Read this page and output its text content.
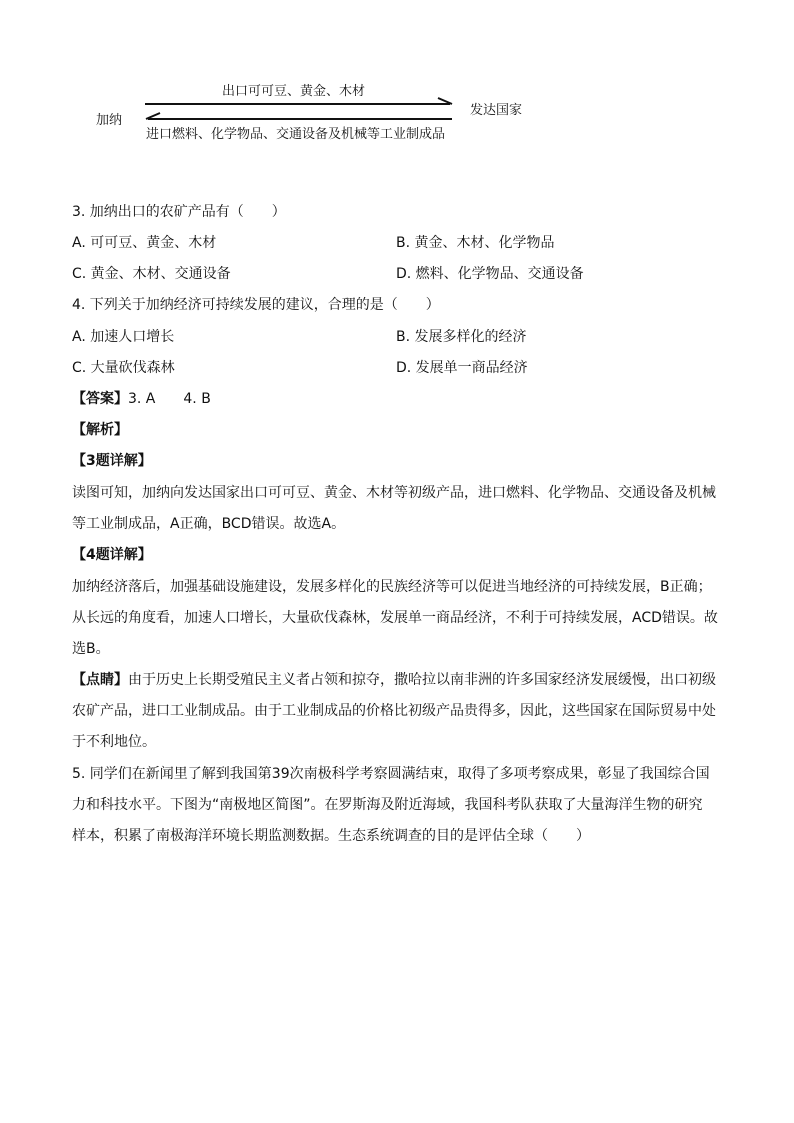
加纳
发达国家
出口可可豆、黄金、木材
进口燃料、化学物品、交通设备及机械等工业制成品
3. 加纳出口的农矿产品有（　　）
A. 可可豆、黄金、木材	B. 黄金、木材、化学物品
C. 黄金、木材、交通设备	D. 燃料、化学物品、交通设备
4. 下列关于加纳经济可持续发展的建议，合理的是（　　）
A. 加速人口增长	B. 发展多样化的经济
C. 大量砍伐森林	D. 发展单一商品经济
【答案】3. A　　4. B
【解析】
【3题详解】
读图可知，加纳向发达国家出口可可豆、黄金、木材等初级产品，进口燃料、化学物品、交通设备及机械
等工业制成品，A正确，BCD错误。故选A。
【4题详解】
加纳经济落后，加强基础设施建设，发展多样化的民族经济等可以促进当地经济的可持续发展，B正确；
从长远的角度看，加速人口增长，大量砍伐森林，发展单一商品经济，不利于可持续发展，ACD错误。故
选B。
【点睛】由于历史上长期受殖民主义者占领和掠夺，撒哈拉以南非洲的许多国家经济发展缓慢，出口初级
农矿产品，进口工业制成品。由于工业制成品的价格比初级产品贵得多，因此，这些国家在国际贸易中处
于不利地位。
5. 同学们在新闻里了解到我国第39次南极科学考察圆满结束，取得了多项考察成果，彰显了我国综合国
力和科技水平。下图为“南极地区简图”。在罗斯海及附近海域，我国科考队获取了大量海洋生物的研究
样本，积累了南极海洋环境长期监测数据。生态系统调查的目的是评估全球（　　）
